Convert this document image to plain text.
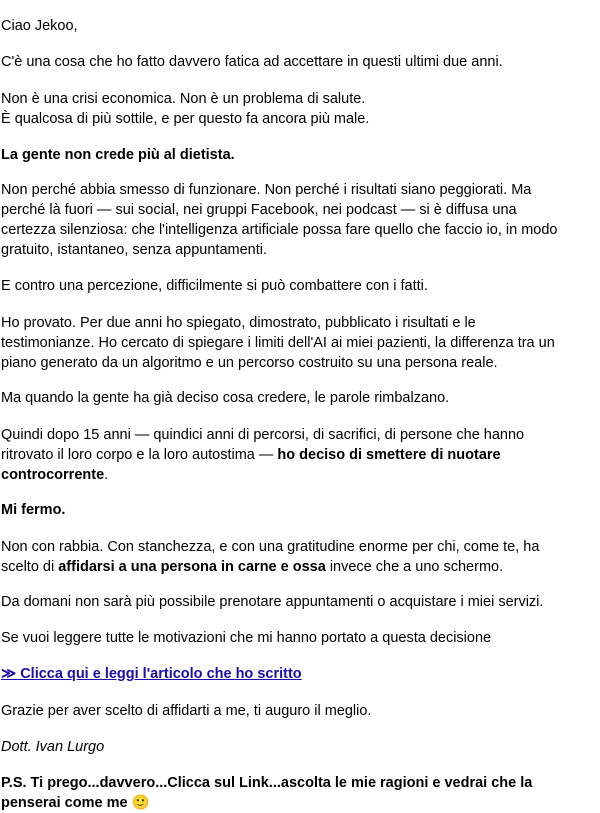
Ciao Jekoo,

C'è una cosa che ho fatto davvero fatica ad accettare in questi ultimi due anni.

Non è una crisi economica. Non è un problema di salute.
È qualcosa di più sottile, e per questo fa ancora più male.

La gente non crede più al dietista.

Non perché abbia smesso di funzionare. Non perché i risultati siano peggiorati. Ma
perché là fuori — sui social, nei gruppi Facebook, nei podcast — si è diffusa una
certezza silenziosa: che l'intelligenza artificiale possa fare quello che faccio io, in modo
gratuito, istantaneo, senza appuntamenti.

E contro una percezione, difficilmente si può combattere con i fatti.

Ho provato. Per due anni ho spiegato, dimostrato, pubblicato i risultati e le
testimonianze. Ho cercato di spiegare i limiti dell'AI ai miei pazienti, la differenza tra un
piano generato da un algoritmo e un percorso costruito su una persona reale.

Ma quando la gente ha già deciso cosa credere, le parole rimbalzano.

Quindi dopo 15 anni — quindici anni di percorsi, di sacrifici, di persone che hanno
ritrovato il loro corpo e la loro autostima — ho deciso di smettere di nuotare
controcorrente.

Mi fermo.

Non con rabbia. Con stanchezza, e con una gratitudine enorme per chi, come te, ha
scelto di affidarsi a una persona in carne e ossa invece che a uno schermo.

Da domani non sarà più possibile prenotare appuntamenti o acquistare i miei servizi.

Se vuoi leggere tutte le motivazioni che mi hanno portato a questa decisione

≫ Clicca qui e leggi l'articolo che ho scritto

Grazie per aver scelto di affidarti a me, ti auguro il meglio.

Dott. Ivan Lurgo

P.S. Ti prego...davvero...Clicca sul Link...ascolta le mie ragioni e vedrai che la
penserai come me 🙂
